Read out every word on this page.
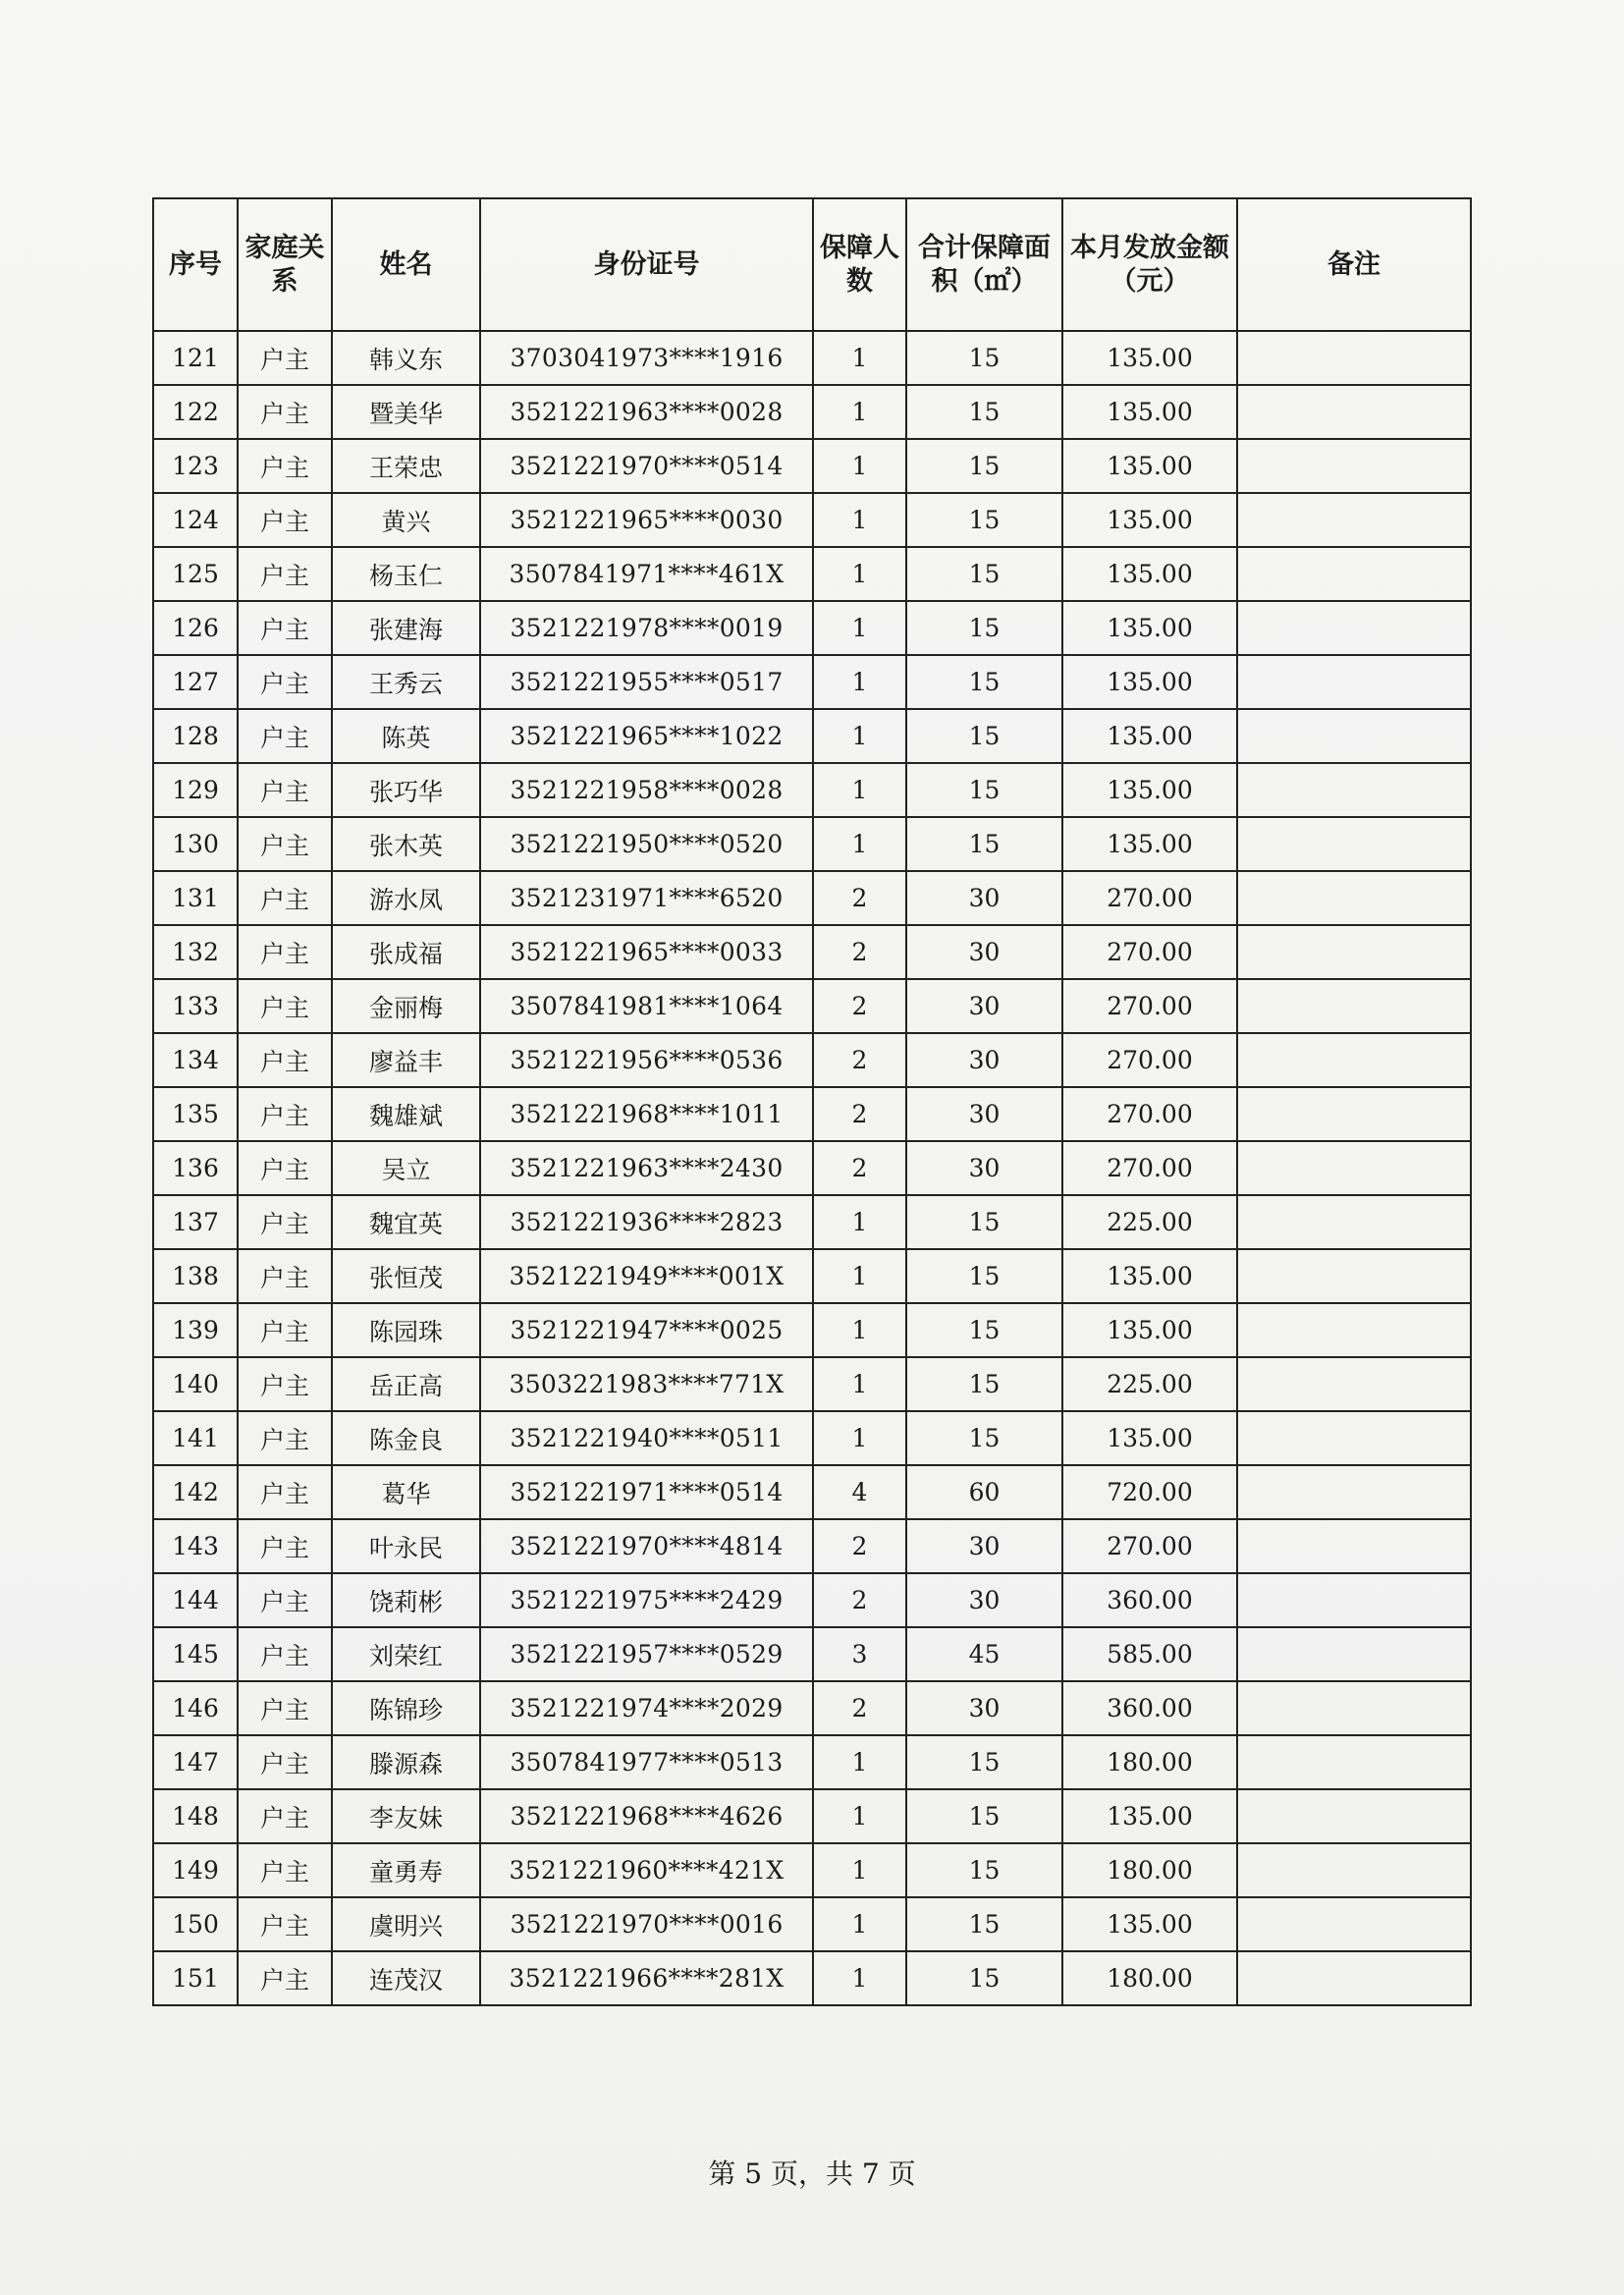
序号	家庭关系	姓名	身份证号	保障人数	合计保障面积（㎡）	本月发放金额（元）	备注
121	户主	韩义东	3703041973****1916	1	15	135.00	
122	户主	暨美华	3521221963****0028	1	15	135.00	
123	户主	王荣忠	3521221970****0514	1	15	135.00	
124	户主	黄兴	3521221965****0030	1	15	135.00	
125	户主	杨玉仁	3507841971****461X	1	15	135.00	
126	户主	张建海	3521221978****0019	1	15	135.00	
127	户主	王秀云	3521221955****0517	1	15	135.00	
128	户主	陈英	3521221965****1022	1	15	135.00	
129	户主	张巧华	3521221958****0028	1	15	135.00	
130	户主	张木英	3521221950****0520	1	15	135.00	
131	户主	游水凤	3521231971****6520	2	30	270.00	
132	户主	张成福	3521221965****0033	2	30	270.00	
133	户主	金丽梅	3507841981****1064	2	30	270.00	
134	户主	廖益丰	3521221956****0536	2	30	270.00	
135	户主	魏雄斌	3521221968****1011	2	30	270.00	
136	户主	吴立	3521221963****2430	2	30	270.00	
137	户主	魏宜英	3521221936****2823	1	15	225.00	
138	户主	张恒茂	3521221949****001X	1	15	135.00	
139	户主	陈园珠	3521221947****0025	1	15	135.00	
140	户主	岳正高	3503221983****771X	1	15	225.00	
141	户主	陈金良	3521221940****0511	1	15	135.00	
142	户主	葛华	3521221971****0514	4	60	720.00	
143	户主	叶永民	3521221970****4814	2	30	270.00	
144	户主	饶莉彬	3521221975****2429	2	30	360.00	
145	户主	刘荣红	3521221957****0529	3	45	585.00	
146	户主	陈锦珍	3521221974****2029	2	30	360.00	
147	户主	滕源森	3507841977****0513	1	15	180.00	
148	户主	李友妹	3521221968****4626	1	15	135.00	
149	户主	童勇寿	3521221960****421X	1	15	180.00	
150	户主	虞明兴	3521221970****0016	1	15	135.00	
151	户主	连茂汉	3521221966****281X	1	15	180.00	
第 5 页，共 7 页
